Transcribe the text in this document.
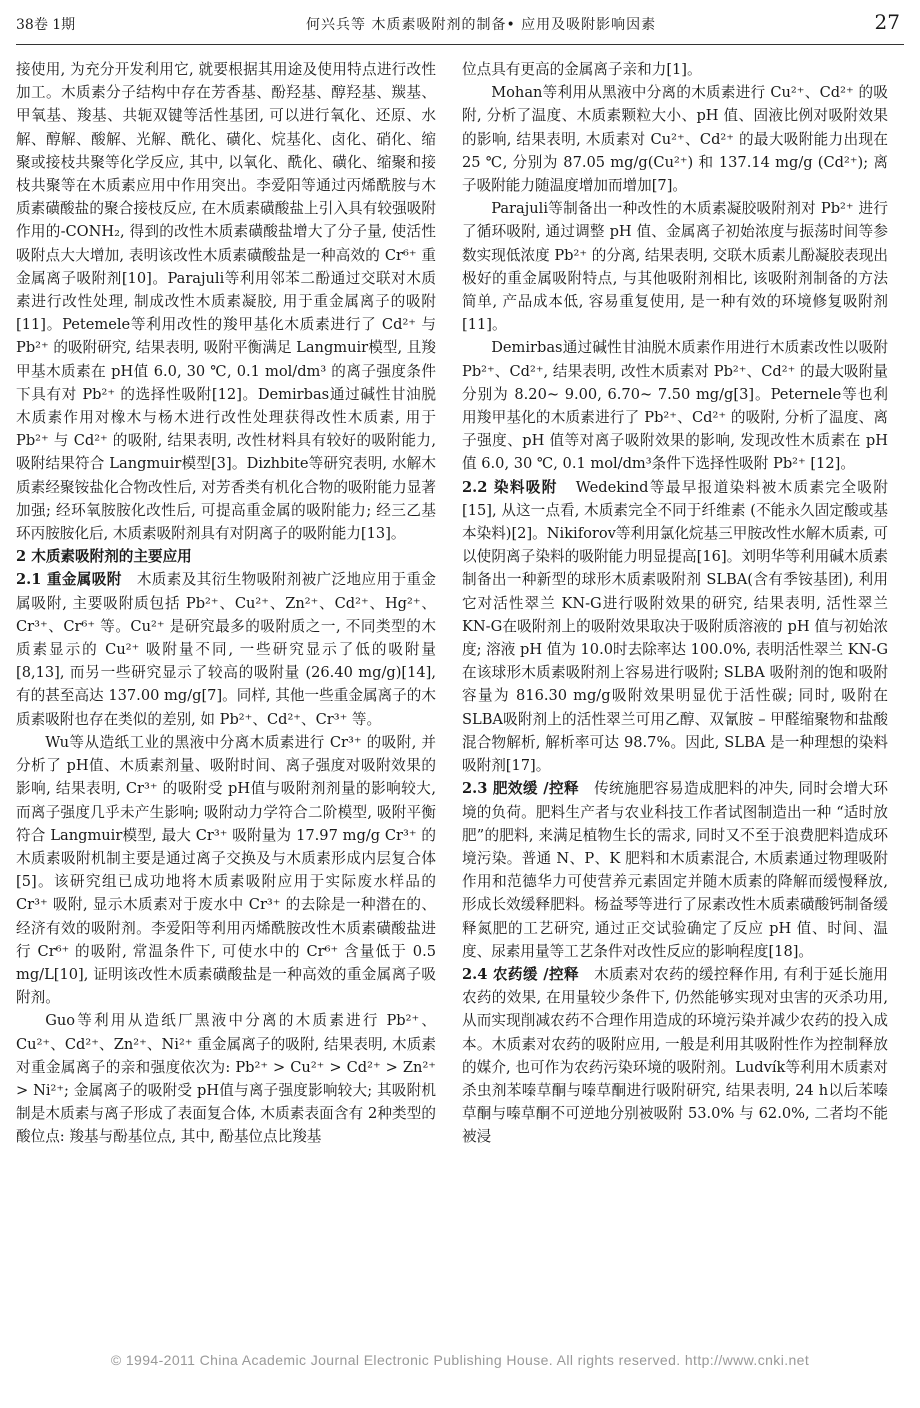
38卷 1期	何兴兵等 木质素吸附剂的制备• 应用及吸附影响因素	27

接使用, 为充分开发利用它, 就要根据其用途及使用特点进行改性加工。木质素分子结构中存在芳香基、酚羟基、醇羟基、羰基、甲氧基、羧基、共轭双键等活性基团, 可以进行氧化、还原、水解、醇解、酸解、光解、酰化、磺化、烷基化、卤化、硝化、缩聚或接枝共聚等化学反应, 其中, 以氧化、酰化、磺化、缩聚和接枝共聚等在木质素应用中作用突出。李爱阳等通过丙烯酰胺与木质素磺酸盐的聚合接枝反应, 在木质素磺酸盐上引入具有较强吸附作用的-CONH₂, 得到的改性木质素磺酸盐增大了分子量, 使活性吸附点大大增加, 表明该改性木质素磺酸盐是一种高效的 Cr⁶⁺ 重金属离子吸附剂[10]。Parajuli等利用邻苯二酚通过交联对木质素进行改性处理, 制成改性木质素凝胶, 用于重金属离子的吸附[11]。Petemele等利用改性的羧甲基化木质素进行了 Cd²⁺ 与 Pb²⁺ 的吸附研究, 结果表明, 吸附平衡满足 Langmuir模型, 且羧甲基木质素在 pH值 6.0, 30 ℃, 0.1 mol/dm³ 的离子强度条件下具有对 Pb²⁺ 的选择性吸附[12]。Demirbas通过碱性甘油脱木质素作用对橡木与杨木进行改性处理获得改性木质素, 用于 Pb²⁺ 与 Cd²⁺ 的吸附, 结果表明, 改性材料具有较好的吸附能力, 吸附结果符合 Langmuir模型[3]。Dizhbite等研究表明, 水解木质素经聚铵盐化合物改性后, 对芳香类有机化合物的吸附能力显著加强; 经环氧胺胺化改性后, 可提高重金属的吸附能力; 经三乙基环丙胺胺化后, 木质素吸附剂具有对阴离子的吸附能力[13]。

2 木质素吸附剂的主要应用

2.1 重金属吸附 木质素及其衍生物吸附剂被广泛地应用于重金属吸附, 主要吸附质包括 Pb²⁺、Cu²⁺、Zn²⁺、Cd²⁺、Hg²⁺、Cr³⁺、Cr⁶⁺ 等。Cu²⁺ 是研究最多的吸附质之一, 不同类型的木质素显示的 Cu²⁺ 吸附量不同, 一些研究显示了低的吸附量[8,13], 而另一些研究显示了较高的吸附量 (26.40 mg/g)[14], 有的甚至高达 137.00 mg/g[7]。同样, 其他一些重金属离子的木质素吸附也存在类似的差别, 如 Pb²⁺、Cd²⁺、Cr³⁺ 等。

Wu等从造纸工业的黑液中分离木质素进行 Cr³⁺ 的吸附, 并分析了 pH值、木质素剂量、吸附时间、离子强度对吸附效果的影响, 结果表明, Cr³⁺ 的吸附受 pH值与吸附剂剂量的影响较大, 而离子强度几乎未产生影响; 吸附动力学符合二阶模型, 吸附平衡符合 Langmuir模型, 最大 Cr³⁺ 吸附量为 17.97 mg/g Cr³⁺ 的木质素吸附机制主要是通过离子交换及与木质素形成内层复合体[5]。该研究组已成功地将木质素吸附应用于实际废水样品的 Cr³⁺ 吸附, 显示木质素对于废水中 Cr³⁺ 的去除是一种潜在的、经济有效的吸附剂。李爱阳等利用丙烯酰胺改性木质素磺酸盐进行 Cr⁶⁺ 的吸附, 常温条件下, 可使水中的 Cr⁶⁺ 含量低于 0.5 mg/L[10], 证明该改性木质素磺酸盐是一种高效的重金属离子吸附剂。

Guo等利用从造纸厂黑液中分离的木质素进行 Pb²⁺、Cu²⁺、Cd²⁺、Zn²⁺、Ni²⁺ 重金属离子的吸附, 结果表明, 木质素对重金属离子的亲和强度依次为: Pb²⁺ > Cu²⁺ > Cd²⁺ > Zn²⁺ > Ni²⁺; 金属离子的吸附受 pH值与离子强度影响较大; 其吸附机制是木质素与离子形成了表面复合体, 木质素表面含有 2种类型的酸位点: 羧基与酚基位点, 其中, 酚基位点比羧基

位点具有更高的金属离子亲和力[1]。

Mohan等利用从黑液中分离的木质素进行 Cu²⁺、Cd²⁺ 的吸附, 分析了温度、木质素颗粒大小、pH 值、固液比例对吸附效果的影响, 结果表明, 木质素对 Cu²⁺、Cd²⁺ 的最大吸附能力出现在 25 ℃, 分别为 87.05 mg/g(Cu²⁺) 和 137.14 mg/g (Cd²⁺); 离子吸附能力随温度增加而增加[7]。

Parajuli等制备出一种改性的木质素凝胶吸附剂对 Pb²⁺ 进行了循环吸附, 通过调整 pH 值、金属离子初始浓度与振荡时间等参数实现低浓度 Pb²⁺ 的分离, 结果表明, 交联木质素儿酚凝胶表现出极好的重金属吸附特点, 与其他吸附剂相比, 该吸附剂制备的方法简单, 产品成本低, 容易重复使用, 是一种有效的环境修复吸附剂[11]。

Demirbas通过碱性甘油脱木质素作用进行木质素改性以吸附 Pb²⁺、Cd²⁺, 结果表明, 改性木质素对 Pb²⁺、Cd²⁺ 的最大吸附量分别为 8.20~ 9.00, 6.70~ 7.50 mg/g[3]。Peternele等也利用羧甲基化的木质素进行了 Pb²⁺、Cd²⁺ 的吸附, 分析了温度、离子强度、pH 值等对离子吸附效果的影响, 发现改性木质素在 pH 值 6.0, 30 ℃, 0.1 mol/dm³条件下选择性吸附 Pb²⁺ [12]。

2.2 染料吸附 Wedekind等最早报道染料被木质素完全吸附[15], 从这一点看, 木质素完全不同于纤维素 (不能永久固定酸或基本染料)[2]。Nikiforov等利用氯化烷基三甲胺改性水解木质素, 可以使阴离子染料的吸附能力明显提高[16]。刘明华等利用碱木质素制备出一种新型的球形木质素吸附剂 SLBA(含有季铵基团), 利用它对活性翠兰 KN-G进行吸附效果的研究, 结果表明, 活性翠兰 KN-G在吸附剂上的吸附效果取决于吸附质溶液的 pH 值与初始浓度; 溶液 pH 值为 10.0时去除率达 100.0%, 表明活性翠兰 KN-G在该球形木质素吸附剂上容易进行吸附; SLBA 吸附剂的饱和吸附容量为 816.30 mg/g吸附效果明显优于活性碳; 同时, 吸附在 SLBA吸附剂上的活性翠兰可用乙醇、双氰胺 – 甲醛缩聚物和盐酸混合物解析, 解析率可达 98.7%。因此, SLBA 是一种理想的染料吸附剂[17]。

2.3 肥效缓 /控释 传统施肥容易造成肥料的冲失, 同时会增大环境的负荷。肥料生产者与农业科技工作者试图制造出一种 “适时放肥”的肥料, 来满足植物生长的需求, 同时又不至于浪费肥料造成环境污染。普通 N、P、K 肥料和木质素混合, 木质素通过物理吸附作用和范德华力可使营养元素固定并随木质素的降解而缓慢释放, 形成长效缓释肥料。杨益琴等进行了尿素改性木质素磺酸钙制备缓释氮肥的工艺研究, 通过正交试验确定了反应 pH 值、时间、温度、尿素用量等工艺条件对改性反应的影响程度[18]。

2.4 农药缓 /控释 木质素对农药的缓控释作用, 有利于延长施用农药的效果, 在用量较少条件下, 仍然能够实现对虫害的灭杀功用, 从而实现削减农药不合理作用造成的环境污染并减少农药的投入成本。木质素对农药的吸附应用, 一般是利用其吸附性作为控制释放的媒介, 也可作为农药污染环境的吸附剂。Ludvík等利用木质素对杀虫剂苯嗪草酮与嗪草酮进行吸附研究, 结果表明, 24 h以后苯嗪草酮与嗪草酮不可逆地分别被吸附 53.0% 与 62.0%, 二者均不能被浸

© 1994-2011 China Academic Journal Electronic Publishing House. All rights reserved. http://www.cnki.net
